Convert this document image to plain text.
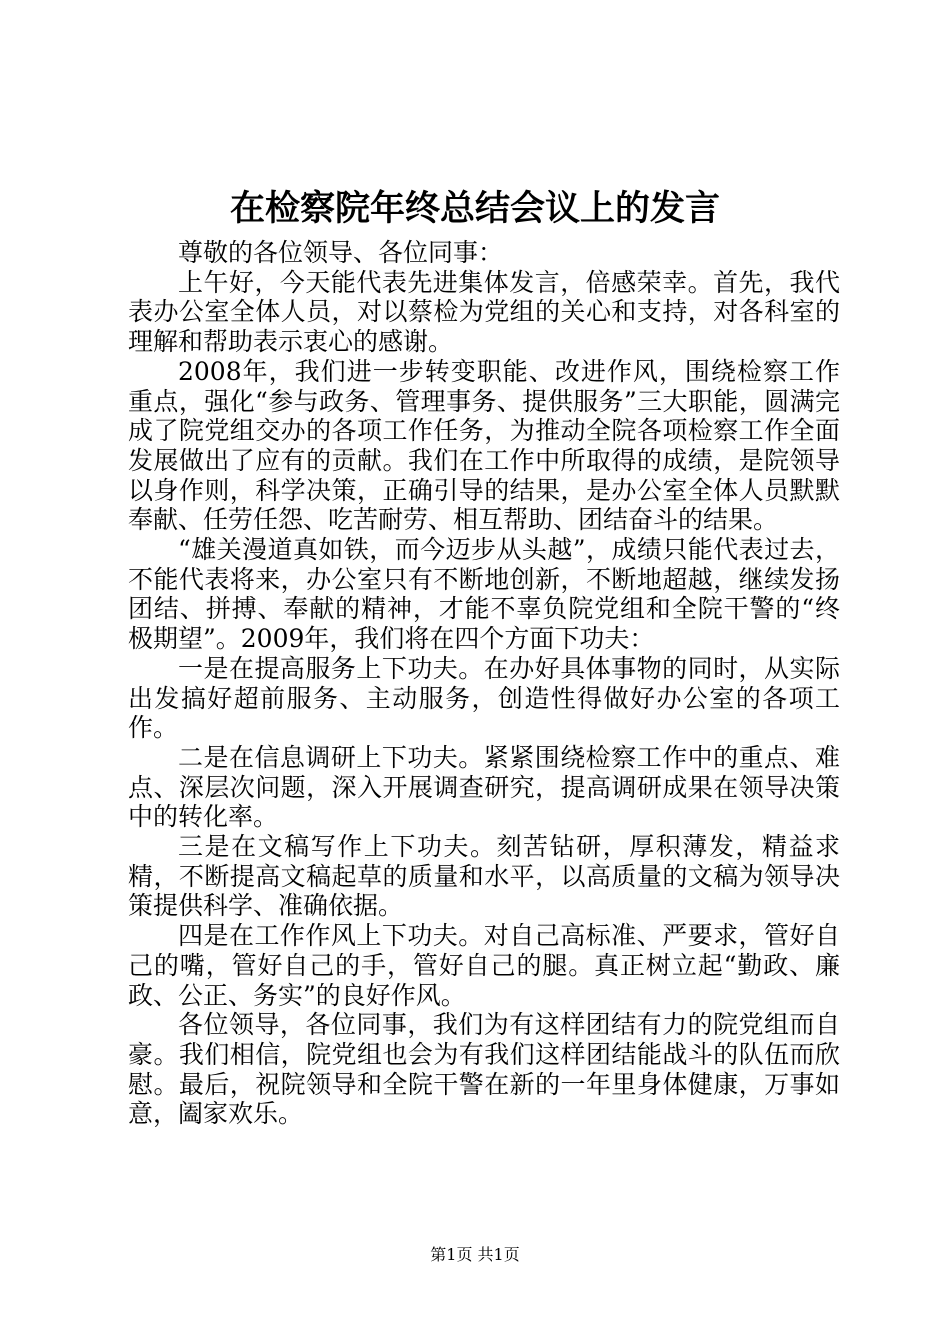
在检察院年终总结会议上的发言

尊敬的各位领导、各位同事：

上午好，今天能代表先进集体发言，倍感荣幸。首先，我代表办公室全体人员，对以蔡检为党组的关心和支持，对各科室的理解和帮助表示衷心的感谢。

2008年，我们进一步转变职能、改进作风，围绕检察工作重点，强化“参与政务、管理事务、提供服务”三大职能，圆满完成了院党组交办的各项工作任务，为推动全院各项检察工作全面发展做出了应有的贡献。我们在工作中所取得的成绩，是院领导以身作则，科学决策，正确引导的结果，是办公室全体人员默默奉献、任劳任怨、吃苦耐劳、相互帮助、团结奋斗的结果。

“雄关漫道真如铁，而今迈步从头越”，成绩只能代表过去，不能代表将来，办公室只有不断地创新，不断地超越，继续发扬团结、拼搏、奉献的精神，才能不辜负院党组和全院干警的“终极期望”。2009年，我们将在四个方面下功夫：

一是在提高服务上下功夫。在办好具体事物的同时，从实际出发搞好超前服务、主动服务，创造性得做好办公室的各项工作。

二是在信息调研上下功夫。紧紧围绕检察工作中的重点、难点、深层次问题，深入开展调查研究，提高调研成果在领导决策中的转化率。

三是在文稿写作上下功夫。刻苦钻研，厚积薄发，精益求精，不断提高文稿起草的质量和水平，以高质量的文稿为领导决策提供科学、准确依据。

四是在工作作风上下功夫。对自己高标准、严要求，管好自己的嘴，管好自己的手，管好自己的腿。真正树立起“勤政、廉政、公正、务实”的良好作风。

各位领导，各位同事，我们为有这样团结有力的院党组而自豪。我们相信，院党组也会为有我们这样团结能战斗的队伍而欣慰。最后，祝院领导和全院干警在新的一年里身体健康，万事如意，阖家欢乐。

第1页 共1页
